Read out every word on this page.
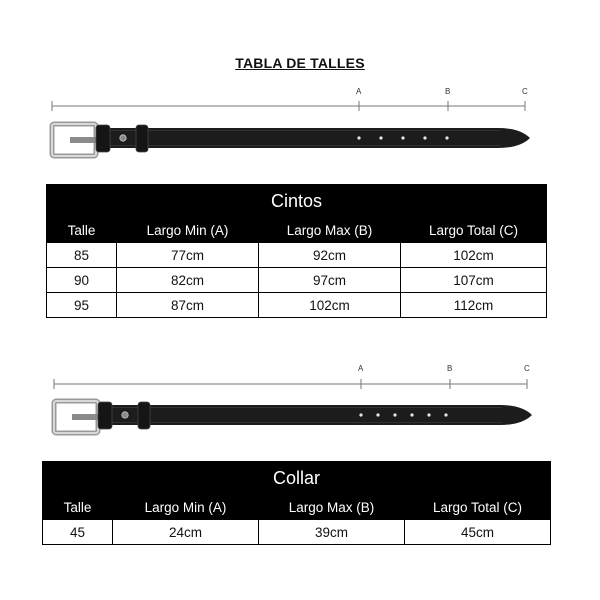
TABLA DE TALLES
A	B	C
Cintos			
Talle	Largo Min (A)	Largo Max (B)	Largo Total (C)
85	77cm	92cm	102cm
90	82cm	97cm	107cm
95	87cm	102cm	112cm
A	B	C
Collar			
Talle	Largo Min (A)	Largo Max (B)	Largo Total (C)
45	24cm	39cm	45cm
